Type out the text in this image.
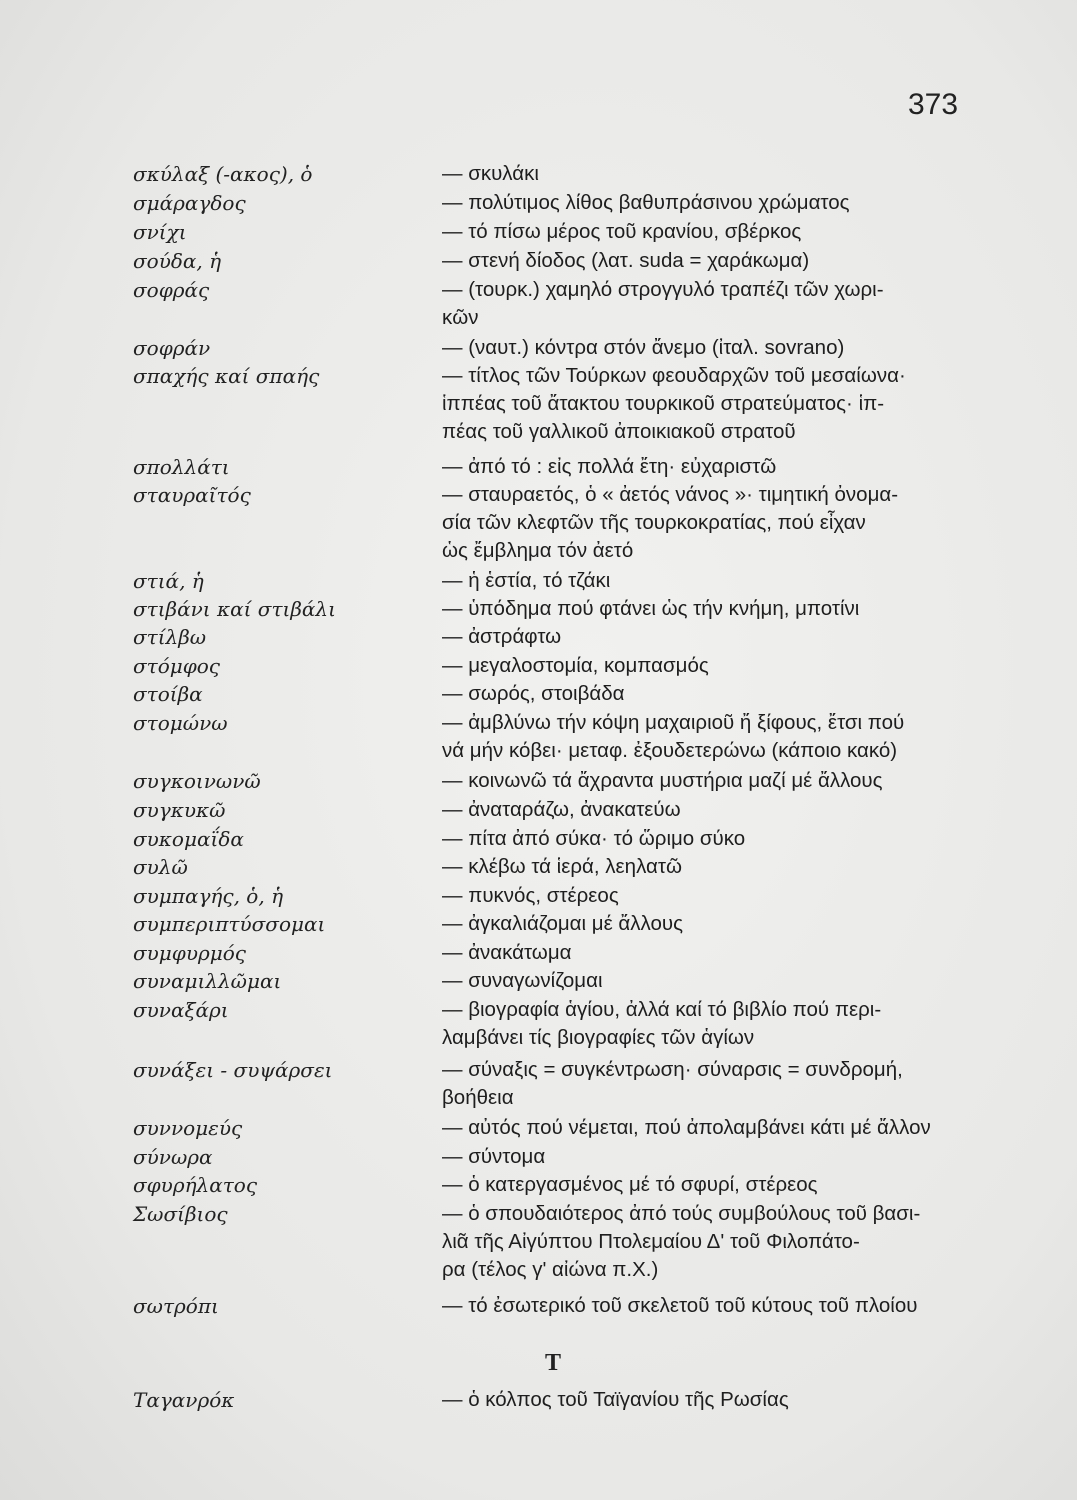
373
σκύλαξ (-ακος), ὁ	— σκυλάκι
σμάραγδος	— πολύτιμος λίθος βαθυπράσινου χρώματος
σνίχι	— τό πίσω μέρος τοῦ κρανίου, σβέρκος
σούδα, ἡ	— στενή δίοδος (λατ. suda = χαράκωμα)
σοφράς	— (τουρκ.) χαμηλό στρογγυλό τραπέζι τῶν χωρι-
κῶν
σοφράν	— (ναυτ.) κόντρα στόν ἄνεμο (ἰταλ. sovrano)
σπαχής καί σπαής	— τίτλος τῶν Τούρκων φεουδαρχῶν τοῦ μεσαίωνα·
ἱππέας τοῦ ἄτακτου τουρκικοῦ στρατεύματος· ἱπ-
πέας τοῦ γαλλικοῦ ἀποικιακοῦ στρατοῦ
σπολλάτι	— ἀπό τό : εἰς πολλά ἔτη· εὐχαριστῶ
σταυραῖτός	— σταυραετός, ὁ « ἀετός νάνος »· τιμητική ὀνομα-
σία τῶν κλεφτῶν τῆς τουρκοκρατίας, πού εἶχαν
ὡς ἔμβλημα τόν ἀετό
στιά, ἡ	— ἡ ἑστία, τό τζάκι
στιβάνι καί στιβάλι	— ὑπόδημα πού φτάνει ὡς τήν κνήμη, μποτίνι
στίλβω	— ἀστράφτω
στόμφος	— μεγαλοστομία, κομπασμός
στοίβα	— σωρός, στοιβάδα
στομώνω	— ἀμβλύνω τήν κόψη μαχαιριοῦ ἤ ξίφους, ἔτσι πού
νά μήν κόβει· μεταφ. ἐξουδετερώνω (κάποιο κακό)
συγκοινωνῶ	— κοινωνῶ τά ἄχραντα μυστήρια μαζί μέ ἄλλους
συγκυκῶ	— ἀναταράζω, ἀνακατεύω
συκομαΐδα	— πίτα ἀπό σύκα· τό ὥριμο σύκο
συλῶ	— κλέβω τά ἱερά, λεηλατῶ
συμπαγής, ὁ, ἡ	— πυκνός, στέρεος
συμπεριπτύσσομαι	— ἀγκαλιάζομαι μέ ἄλλους
συμφυρμός	— ἀνακάτωμα
συναμιλλῶμαι	— συναγωνίζομαι
συναξάρι	— βιογραφία ἁγίου, ἀλλά καί τό βιβλίο πού περι-
λαμβάνει τίς βιογραφίες τῶν ἁγίων
συνάξει - συψάρσει	— σύναξις = συγκέντρωση· σύναρσις = συνδρομή,
βοήθεια
συννομεύς	— αὐτός πού νέμεται, πού ἀπολαμβάνει κάτι μέ ἄλλον
σύνωρα	— σύντομα
σφυρήλατος	— ὁ κατεργασμένος μέ τό σφυρί, στέρεος
Σωσίβιος	— ὁ σπουδαιότερος ἀπό τούς συμβούλους τοῦ βασι-
λιᾶ τῆς Αἰγύπτου Πτολεμαίου Δ' τοῦ Φιλοπάτο-
ρα (τέλος γ' αἰώνα π.Χ.)
σωτρόπι	— τό ἐσωτερικό τοῦ σκελετοῦ τοῦ κύτους τοῦ πλοίου
Τ
Ταγανρόκ	— ὁ κόλπος τοῦ Ταϊγανίου τῆς Ρωσίας
